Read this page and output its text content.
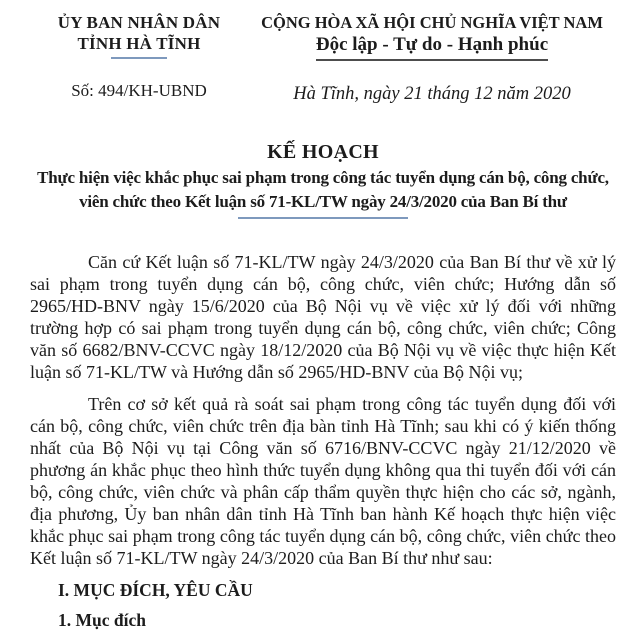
ỦY BAN NHÂN DÂN
TỈNH HÀ TĨNH
Số: 494/KH-UBND
CỘNG HÒA XÃ HỘI CHỦ NGHĨA VIỆT NAM
Độc lập - Tự do - Hạnh phúc
Hà Tĩnh, ngày 21 tháng 12 năm 2020
KẾ HOẠCH
Thực hiện việc khắc phục sai phạm trong công tác tuyển dụng cán bộ, công chức, viên chức theo Kết luận số 71-KL/TW ngày 24/3/2020 của Ban Bí thư

Căn cứ Kết luận số 71-KL/TW ngày 24/3/2020 của Ban Bí thư về xử lý sai phạm trong tuyển dụng cán bộ, công chức, viên chức; Hướng dẫn số 2965/HD-BNV ngày 15/6/2020 của Bộ Nội vụ về việc xử lý đối với những trường hợp có sai phạm trong tuyển dụng cán bộ, công chức, viên chức; Công văn số 6682/BNV-CCVC ngày 18/12/2020 của Bộ Nội vụ về việc thực hiện Kết luận số 71-KL/TW và Hướng dẫn số 2965/HD-BNV của Bộ Nội vụ;

Trên cơ sở kết quả rà soát sai phạm trong công tác tuyển dụng đối với cán bộ, công chức, viên chức trên địa bàn tỉnh Hà Tĩnh; sau khi có ý kiến thống nhất của Bộ Nội vụ tại Công văn số 6716/BNV-CCVC ngày 21/12/2020 về phương án khắc phục theo hình thức tuyển dụng không qua thi tuyển đối với cán bộ, công chức, viên chức và phân cấp thẩm quyền thực hiện cho các sở, ngành, địa phương, Ủy ban nhân dân tỉnh Hà Tĩnh ban hành Kế hoạch thực hiện việc khắc phục sai phạm trong công tác tuyển dụng cán bộ, công chức, viên chức theo Kết luận số 71-KL/TW ngày 24/3/2020 của Ban Bí thư như sau:

I. MỤC ĐÍCH, YÊU CẦU
1. Mục đích
